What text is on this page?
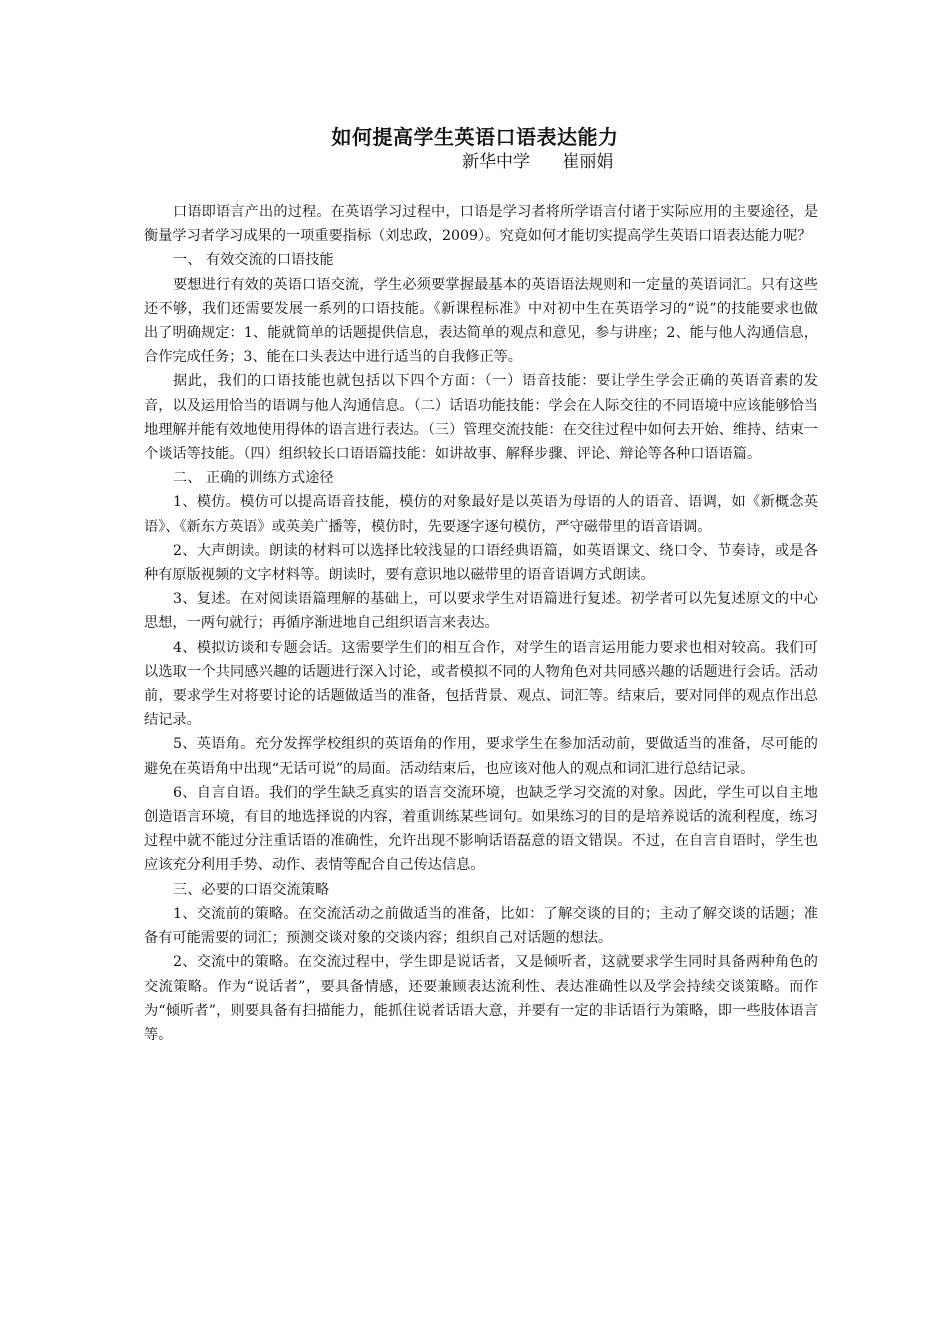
如何提高学生英语口语表达能力
新华中学      崔丽娟

口语即语言产出的过程。在英语学习过程中，口语是学习者将所学语言付诸于实际应用的主要途径，是衡量学习者学习成果的一项重要指标（刘忠政，2009）。究竟如何才能切实提高学生英语口语表达能力呢？

一、 有效交流的口语技能

要想进行有效的英语口语交流，学生必须要掌握最基本的英语语法规则和一定量的英语词汇。只有这些还不够，我们还需要发展一系列的口语技能。《新课程标准》中对初中生在英语学习的“说”的技能要求也做出了明确规定：1、能就简单的话题提供信息，表达简单的观点和意见，参与讲座；2、能与他人沟通信息，合作完成任务；3、能在口头表达中进行适当的自我修正等。

据此，我们的口语技能也就包括以下四个方面：（一）语音技能：要让学生学会正确的英语音素的发音，以及运用恰当的语调与他人沟通信息。（二）话语功能技能：学会在人际交往的不同语境中应该能够恰当地理解并能有效地使用得体的语言进行表达。（三）管理交流技能：在交往过程中如何去开始、维持、结束一个谈话等技能。（四）组织较长口语语篇技能：如讲故事、解释步骤、评论、辩论等各种口语语篇。

二、 正确的训练方式途径

1、模仿。模仿可以提高语音技能，模仿的对象最好是以英语为母语的人的语音、语调，如《新概念英语》、《新东方英语》或英美广播等，模仿时，先要逐字逐句模仿，严守磁带里的语音语调。

2、大声朗读。朗读的材料可以选择比较浅显的口语经典语篇，如英语课文、绕口令、节奏诗，或是各种有原版视频的文字材料等。朗读时，要有意识地以磁带里的语音语调方式朗读。

3、复述。在对阅读语篇理解的基础上，可以要求学生对语篇进行复述。初学者可以先复述原文的中心思想，一两句就行；再循序渐进地自己组织语言来表达。

4、模拟访谈和专题会话。这需要学生们的相互合作，对学生的语言运用能力要求也相对较高。我们可以选取一个共同感兴趣的话题进行深入讨论，或者模拟不同的人物角色对共同感兴趣的话题进行会话。活动前，要求学生对将要讨论的话题做适当的准备，包括背景、观点、词汇等。结束后，要对同伴的观点作出总结记录。

5、英语角。充分发挥学校组织的英语角的作用，要求学生在参加活动前，要做适当的准备，尽可能的避免在英语角中出现“无话可说”的局面。活动结束后，也应该对他人的观点和词汇进行总结记录。

6、自言自语。我们的学生缺乏真实的语言交流环境，也缺乏学习交流的对象。因此，学生可以自主地创造语言环境，有目的地选择说的内容，着重训练某些词句。如果练习的目的是培养说话的流利程度，练习过程中就不能过分注重话语的准确性，允许出现不影响话语磊意的语文错误。不过，在自言自语时，学生也应该充分利用手势、动作、表情等配合自己传达信息。

三、必要的口语交流策略

1、交流前的策略。在交流活动之前做适当的准备，比如：了解交谈的目的；主动了解交谈的话题；准备有可能需要的词汇；预测交谈对象的交谈内容；组织自己对话题的想法。

2、交流中的策略。在交流过程中，学生即是说话者，又是倾听者，这就要求学生同时具备两种角色的交流策略。作为“说话者”，要具备情感，还要兼顾表达流利性、表达准确性以及学会持续交谈策略。而作为“倾听者”，则要具备有扫描能力，能抓住说者话语大意，并要有一定的非话语行为策略，即一些肢体语言等。
